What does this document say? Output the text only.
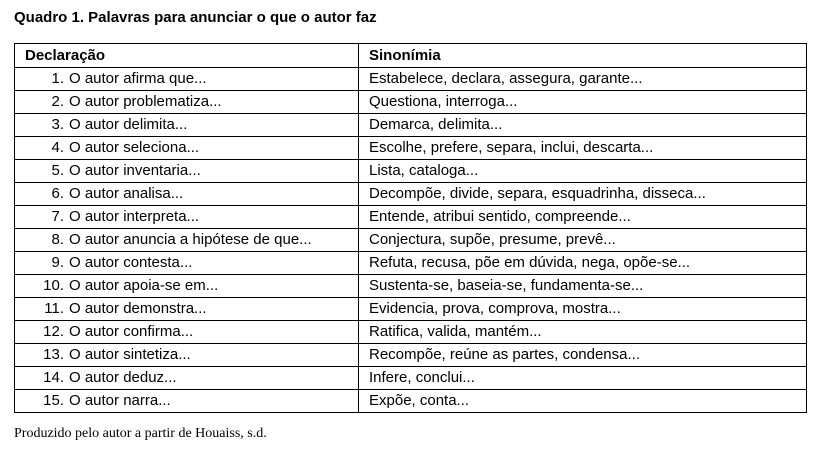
Quadro 1. Palavras para anunciar o que o autor faz
Declaração	Sinonímia
1. O autor afirma que...	Estabelece, declara, assegura, garante...
2. O autor problematiza...	Questiona, interroga...
3. O autor delimita...	Demarca, delimita...
4. O autor seleciona...	Escolhe, prefere, separa, inclui, descarta...
5. O autor inventaria...	Lista, cataloga...
6. O autor analisa...	Decompõe, divide, separa, esquadrinha, disseca...
7. O autor interpreta...	Entende, atribui sentido, compreende...
8. O autor anuncia a hipótese de que...	Conjectura, supõe, presume, prevê...
9. O autor contesta...	Refuta, recusa, põe em dúvida, nega, opõe-se...
10. O autor apoia-se em...	Sustenta-se, baseia-se, fundamenta-se...
11. O autor demonstra...	Evidencia, prova, comprova, mostra...
12. O autor confirma...	Ratifica, valida, mantém...
13. O autor sintetiza...	Recompõe, reúne as partes, condensa...
14. O autor deduz...	Infere, conclui...
15. O autor narra...	Expõe, conta...
Produzido pelo autor a partir de Houaiss, s.d.
